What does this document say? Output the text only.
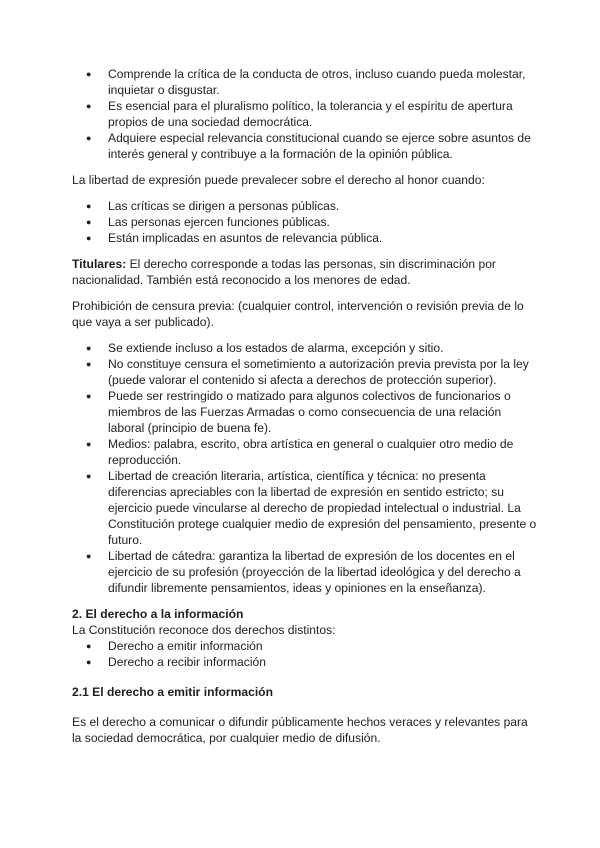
● Comprende la crítica de la conducta de otros, incluso cuando pueda molestar, inquietar o disgustar.
● Es esencial para el pluralismo político, la tolerancia y el espíritu de apertura propios de una sociedad democrática.
● Adquiere especial relevancia constitucional cuando se ejerce sobre asuntos de interés general y contribuye a la formación de la opinión pública.

La libertad de expresión puede prevalecer sobre el derecho al honor cuando:

● Las críticas se dirigen a personas públicas.
● Las personas ejercen funciones públicas.
● Están implicadas en asuntos de relevancia pública.

Titulares: El derecho corresponde a todas las personas, sin discriminación por nacionalidad. También está reconocido a los menores de edad.

Prohibición de censura previa: (cualquier control, intervención o revisión previa de lo que vaya a ser publicado).

● Se extiende incluso a los estados de alarma, excepción y sitio.
● No constituye censura el sometimiento a autorización previa prevista por la ley (puede valorar el contenido si afecta a derechos de protección superior).
● Puede ser restringido o matizado para algunos colectivos de funcionarios o miembros de las Fuerzas Armadas o como consecuencia de una relación laboral (principio de buena fe).
● Medios: palabra, escrito, obra artística en general o cualquier otro medio de reproducción.
● Libertad de creación literaria, artística, científica y técnica: no presenta diferencias apreciables con la libertad de expresión en sentido estricto; su ejercicio puede vincularse al derecho de propiedad intelectual o industrial. La Constitución protege cualquier medio de expresión del pensamiento, presente o futuro.
● Libertad de cátedra: garantiza la libertad de expresión de los docentes en el ejercicio de su profesión (proyección de la libertad ideológica y del derecho a difundir libremente pensamientos, ideas y opiniones en la enseñanza).
2. El derecho a la información

La Constitución reconoce dos derechos distintos:

● Derecho a emitir información
● Derecho a recibir información
2.1 El derecho a emitir información

Es el derecho a comunicar o difundir públicamente hechos veraces y relevantes para la sociedad democrática, por cualquier medio de difusión.
